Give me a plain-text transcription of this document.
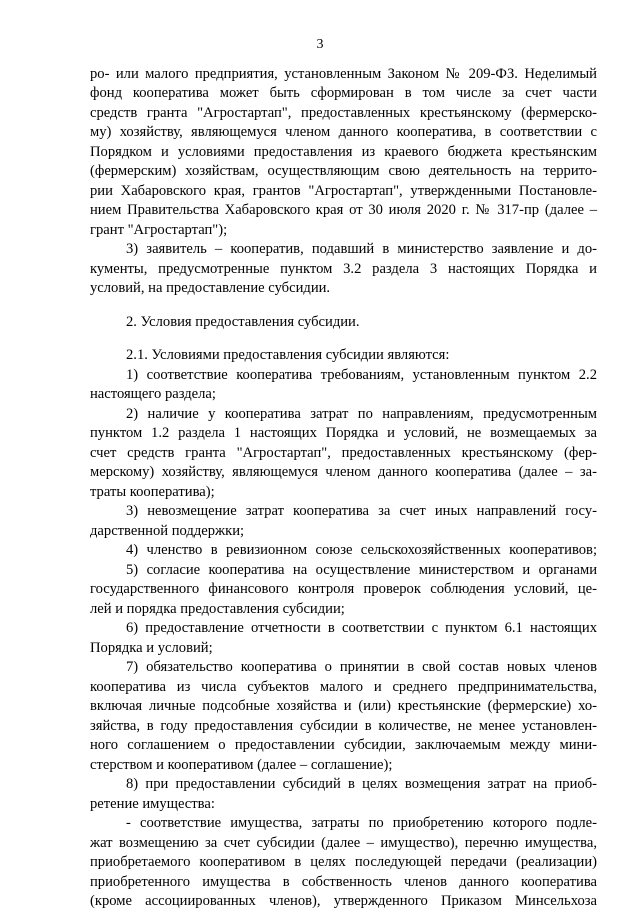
3
ро- или малого предприятия, установленным Законом № 209-ФЗ. Неделимый
фонд кооператива может быть сформирован в том числе за счет части
средств гранта "Агростартап", предоставленных крестьянскому (фермерско-
му) хозяйству, являющемуся членом данного кооператива, в соответствии с
Порядком и условиями предоставления из краевого бюджета крестьянским
(фермерским) хозяйствам, осуществляющим свою деятельность на террито-
рии Хабаровского края, грантов "Агростартап", утвержденными Постановле-
нием Правительства Хабаровского края от 30 июля 2020 г. № 317-пр (далее –
грант "Агростартап");
3) заявитель – кооператив, подавший в министерство заявление и до-
кументы, предусмотренные пунктом 3.2 раздела 3 настоящих Порядка и
условий, на предоставление субсидии.
2. Условия предоставления субсидии.
2.1. Условиями предоставления субсидии являются:
1) соответствие кооператива требованиям, установленным пунктом 2.2
настоящего раздела;
2) наличие у кооператива затрат по направлениям, предусмотренным
пунктом 1.2 раздела 1 настоящих Порядка и условий, не возмещаемых за
счет средств гранта "Агростартап", предоставленных крестьянскому (фер-
мерскому) хозяйству, являющемуся членом данного кооператива (далее – за-
траты кооператива);
3) невозмещение затрат кооператива за счет иных направлений госу-
дарственной поддержки;
4) членство в ревизионном союзе сельскохозяйственных кооперативов;
5) согласие кооператива на осуществление министерством и органами
государственного финансового контроля проверок соблюдения условий, це-
лей и порядка предоставления субсидии;
6) предоставление отчетности в соответствии с пунктом 6.1 настоящих
Порядка и условий;
7) обязательство кооператива о принятии в свой состав новых членов
кооператива из числа субъектов малого и среднего предпринимательства,
включая личные подсобные хозяйства и (или) крестьянские (фермерские) хо-
зяйства, в году предоставления субсидии в количестве, не менее установлен-
ного соглашением о предоставлении субсидии, заключаемым между мини-
стерством и кооперативом (далее – соглашение);
8) при предоставлении субсидий в целях возмещения затрат на приоб-
ретение имущества:
- соответствие имущества, затраты по приобретению которого подле-
жат возмещению за счет субсидии (далее – имущество), перечню имущества,
приобретаемого кооперативом в целях последующей передачи (реализации)
приобретенного имущества в собственность членов данного кооператива
(кроме ассоциированных членов), утвержденного Приказом Минсельхоза
